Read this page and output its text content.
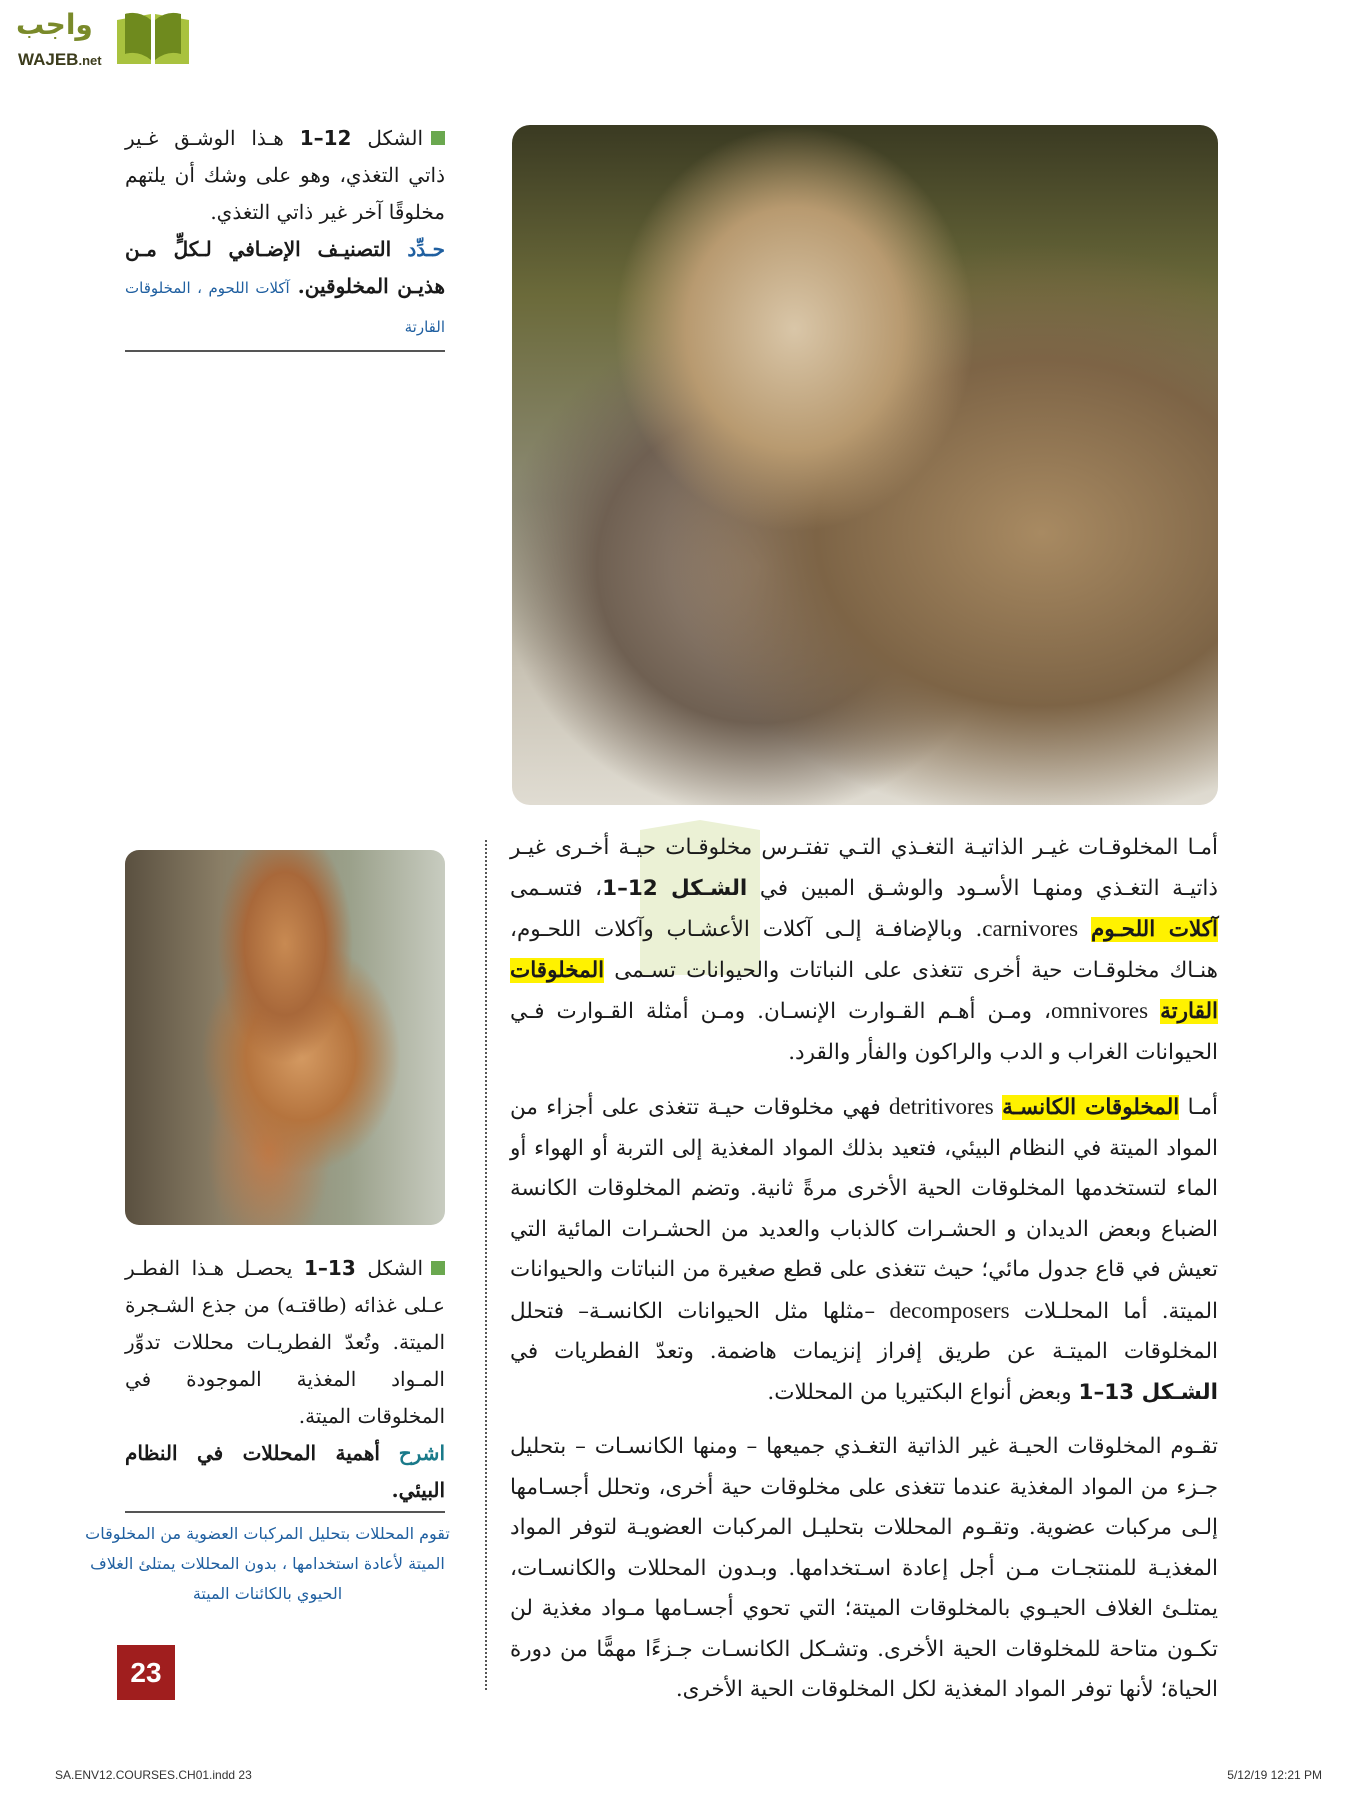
واجب
WAJEB.net
الشكل 12–1 هـذا الوشـق غـير ذاتي التغذي، وهو على وشك أن يلتهم مخلوقًا آخر غير ذاتي التغذي.
حـدِّد التصنيـف الإضـافي لـكلٍّ مـن هذيـن المخلوقين. آكلات اللحوم ، المخلوقات القارتة
الشكل 13–1 يحصـل هـذا الفطـر عـلى غذائه (طاقتـه) من جذع الشـجرة الميتة. وتُعدّ الفطريـات محللات تدوِّر المـواد المغذية الموجودة في المخلوقات الميتة.
اشرح أهمية المحللات في النظام البيئي.
تقوم المحللات بتحليل المركبات العضوية من المخلوقات الميتة لأعادة استخدامها ، بدون المحللات يمتلئ الغلاف الحيوي بالكائنات الميتة

أمـا المخلوقـات غيـر الذاتيـة التغـذي التـي تفتـرس مخلوقـات حيـة أخـرى غيـر ذاتيـة التغـذي ومنهـا الأسـود والوشـق المبين في الشـكل 12–1، فتسـمى آكلات اللحـوم carnivores. وبالإضافـة إلـى آكلات الأعشـاب وآكلات اللحـوم، هنـاك مخلوقـات حية أخرى تتغذى على النباتات والحيوانات تسـمى المخلوقات القارتة omnivores، ومـن أهـم القـوارت الإنسـان. ومـن أمثلة القـوارت فـي الحيوانات الغراب و الدب والراكون والفأر والقرد.

أمـا المخلوقات الكانسـة detritivores فهي مخلوقات حيـة تتغذى على أجزاء من المواد الميتة في النظام البيئي، فتعيد بذلك المواد المغذية إلى التربة أو الهواء أو الماء لتستخدمها المخلوقات الحية الأخرى مرةً ثانية. وتضم المخلوقات الكانسة الضباع وبعض الديدان و الحشـرات كالذباب والعديد من الحشـرات المائية التي تعيش في قاع جدول مائي؛ حيث تتغذى على قطع صغيرة من النباتات والحيوانات الميتة. أما المحلـلات decomposers –مثلها مثل الحيوانات الكانسـة– فتحلل المخلوقات الميتـة عن طريق إفراز إنزيمات هاضمة. وتعدّ الفطريات في الشـكل 13–1 وبعض أنواع البكتيريا من المحللات.

تقـوم المخلوقات الحيـة غير الذاتية التغـذي جميعها – ومنها الكانسـات – بتحليل جـزء من المواد المغذية عندما تتغذى على مخلوقات حية أخرى، وتحلل أجسـامها إلـى مركبات عضوية. وتقـوم المحللات بتحليـل المركبات العضويـة لتوفر المواد المغذيـة للمنتجـات مـن أجل إعادة اسـتخدامها. وبـدون المحللات والكانسـات، يمتلـئ الغلاف الحيـوي بالمخلوقات الميتة؛ التي تحوي أجسـامها مـواد مغذية لن تكـون متاحة للمخلوقات الحية الأخرى. وتشـكل الكانسـات جـزءًا مهمًّا من دورة الحياة؛ لأنها توفر المواد المغذية لكل المخلوقات الحية الأخرى.

23
SA.ENV12.COURSES.CH01.indd 23	5/12/19 12:21 PM
